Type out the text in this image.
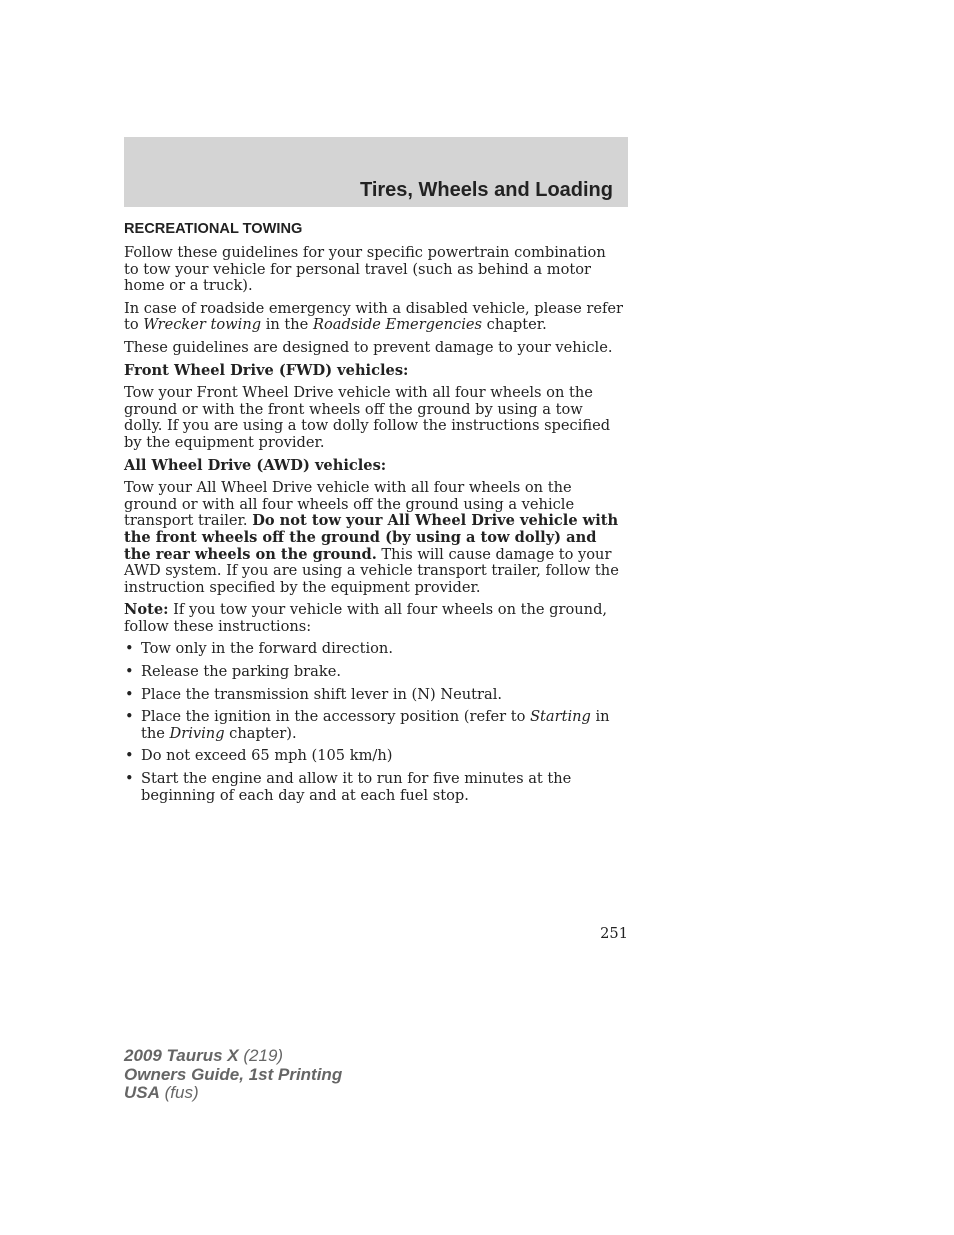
Tires, Wheels and Loading
RECREATIONAL TOWING

Follow these guidelines for your specific powertrain combination to tow your vehicle for personal travel (such as behind a motor home or a truck).

In case of roadside emergency with a disabled vehicle, please refer to Wrecker towing in the Roadside Emergencies chapter.

These guidelines are designed to prevent damage to your vehicle.

Front Wheel Drive (FWD) vehicles:

Tow your Front Wheel Drive vehicle with all four wheels on the ground or with the front wheels off the ground by using a tow dolly. If you are using a tow dolly follow the instructions specified by the equipment provider.

All Wheel Drive (AWD) vehicles:

Tow your All Wheel Drive vehicle with all four wheels on the ground or with all four wheels off the ground using a vehicle transport trailer. Do not tow your All Wheel Drive vehicle with the front wheels off the ground (by using a tow dolly) and the rear wheels on the ground. This will cause damage to your AWD system. If you are using a vehicle transport trailer, follow the instruction specified by the equipment provider.

Note: If you tow your vehicle with all four wheels on the ground, follow these instructions:

• Tow only in the forward direction.
• Release the parking brake.
• Place the transmission shift lever in (N) Neutral.
• Place the ignition in the accessory position (refer to Starting in the Driving chapter).
• Do not exceed 65 mph (105 km/h)
• Start the engine and allow it to run for five minutes at the beginning of each day and at each fuel stop.
251
2009 Taurus X (219)
Owners Guide, 1st Printing
USA (fus)
